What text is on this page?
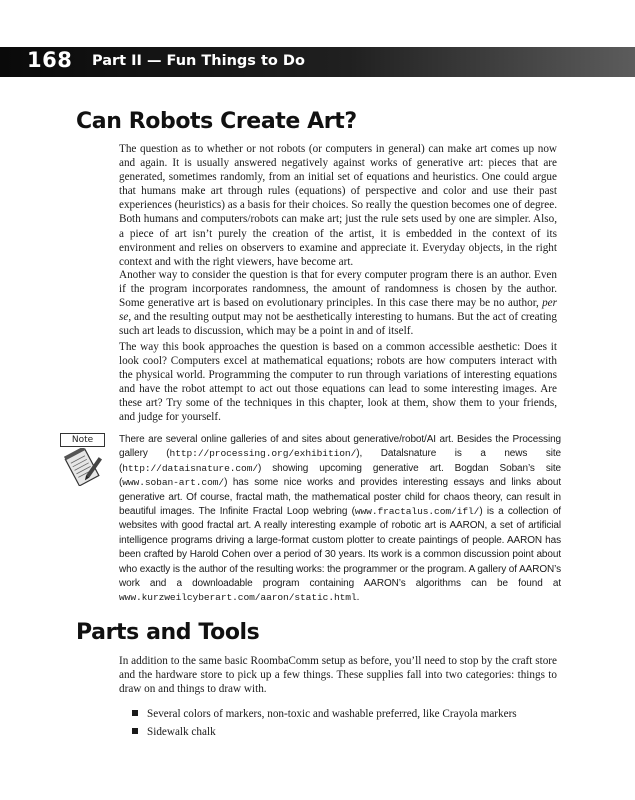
168 Part II — Fun Things to Do
Can Robots Create Art?

The question as to whether or not robots (or computers in general) can make art comes up now and again. It is usually answered negatively against works of generative art: pieces that are generated, sometimes randomly, from an initial set of equations and heuristics. One could argue that humans make art through rules (equations) of perspective and color and use their past experiences (heuristics) as a basis for their choices. So really the question becomes one of degree. Both humans and computers/robots can make art; just the rule sets used by one are simpler. Also, a piece of art isn’t purely the creation of the artist, it is embedded in the context of its environment and relies on observers to examine and appreciate it. Everyday objects, in the right context and with the right viewers, have become art.

Another way to consider the question is that for every computer program there is an author. Even if the program incorporates randomness, the amount of randomness is chosen by the author. Some generative art is based on evolutionary principles. In this case there may be no author, per se, and the resulting output may not be aesthetically interesting to humans. But the act of creating such art leads to discussion, which may be a point in and of itself.

The way this book approaches the question is based on a common accessible aesthetic: Does it look cool? Computers excel at mathematical equations; robots are how computers interact with the physical world. Programming the computer to run through variations of interesting equations and have the robot attempt to act out those equations can lead to some interesting images. Are these art? Try some of the techniques in this chapter, look at them, show them to your friends, and judge for yourself.

Note	There are several online galleries of and sites about generative/robot/AI art. Besides the Processing gallery (http://processing.org/exhibition/), Datalsnature is a news site (http://dataisnature.com/) showing upcoming generative art. Bogdan Soban’s site (www.soban-art.com/) has some nice works and provides interesting essays and links about generative art. Of course, fractal math, the mathematical poster child for chaos theory, can result in beautiful images. The Infinite Fractal Loop webring (www.fractalus.com/ifl/) is a collection of websites with good fractal art. A really interesting example of robotic art is AARON, a set of artificial intelligence programs driving a large-format custom plotter to create paintings of people. AARON has been crafted by Harold Cohen over a period of 30 years. Its work is a common discussion point about who exactly is the author of the resulting works: the programmer or the program. A gallery of AARON’s work and a downloadable program containing AARON’s algorithms can be found at www.kurzweilcyberart.com/aaron/static.html.

Parts and Tools

In addition to the same basic RoombaComm setup as before, you’ll need to stop by the craft store and the hardware store to pick up a few things. These supplies fall into two categories: things to draw on and things to draw with.

Several colors of markers, non-toxic and washable preferred, like Crayola markers
Sidewalk chalk
